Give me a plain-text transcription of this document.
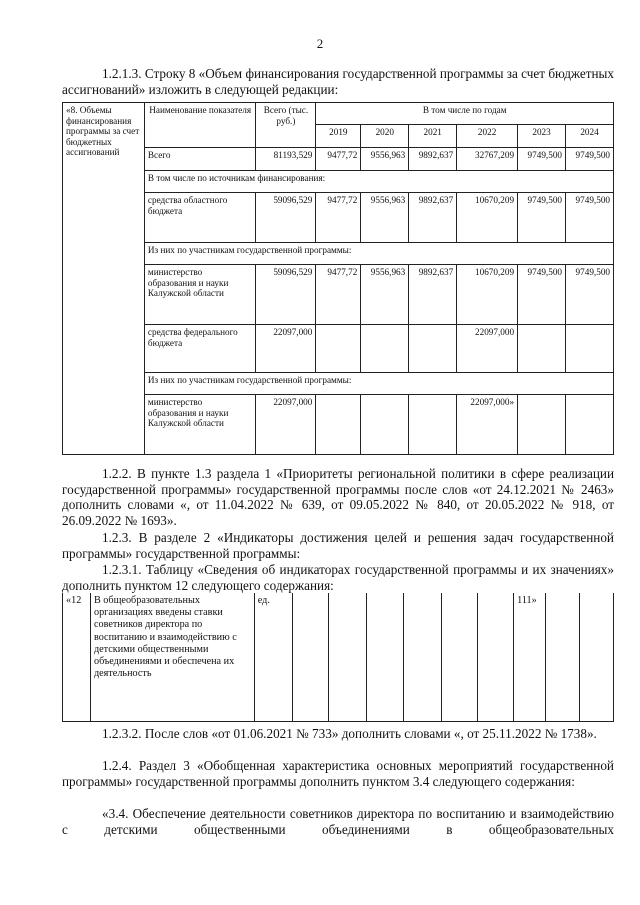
2
1.2.1.3. Строку 8 «Объем финансирования государственной программы за счет бюджетных ассигнований» изложить в следующей редакции:
«8. Объемы финансирования программы за счет бюджетных ассигнований	Наименование показателя	Всего (тыс. руб.)	В том числе по годам					
			2019	2020	2021	2022	2023	2024
	Всего	81193,529	9477,72	9556,963	9892,637	32767,209	9749,500	9749,500
	В том числе по источникам финансирования:							
	средства областного бюджета	59096,529	9477,72	9556,963	9892,637	10670,209	9749,500	9749,500
	Из них по участникам государственной программы:							
	министерство образования и науки Калужской области	59096,529	9477,72	9556,963	9892,637	10670,209	9749,500	9749,500
	средства федерального бюджета	22097,000				22097,000		
	Из них по участникам государственной программы:							
	министерство образования и науки Калужской области	22097,000				22097,000»		
1.2.2. В пункте 1.3 раздела 1 «Приоритеты региональной политики в сфере реализации государственной программы» государственной программы после слов «от 24.12.2021 № 2463» дополнить словами «, от 11.04.2022 № 639, от 09.05.2022 № 840, от 20.05.2022 № 918, от 26.09.2022 № 1693».
1.2.3. В разделе 2 «Индикаторы достижения целей и решения задач государственной программы» государственной программы:
1.2.3.1. Таблицу «Сведения об индикаторах государственной программы и их значениях» дополнить пунктом 12 следующего содержания:
«12	В общеобразовательных организациях введены ставки советников директора по воспитанию и взаимодействию с детскими общественными объединениями и обеспечена их деятельность	ед.							111»		
1.2.3.2. После слов «от 01.06.2021 № 733» дополнить словами «, от 25.11.2022 № 1738».
1.2.4. Раздел 3 «Обобщенная характеристика основных мероприятий государственной программы» государственной программы дополнить пунктом 3.4 следующего содержания:
«3.4. Обеспечение деятельности советников директора по воспитанию и взаимодействию с детскими общественными объединениями в общеобразовательных
